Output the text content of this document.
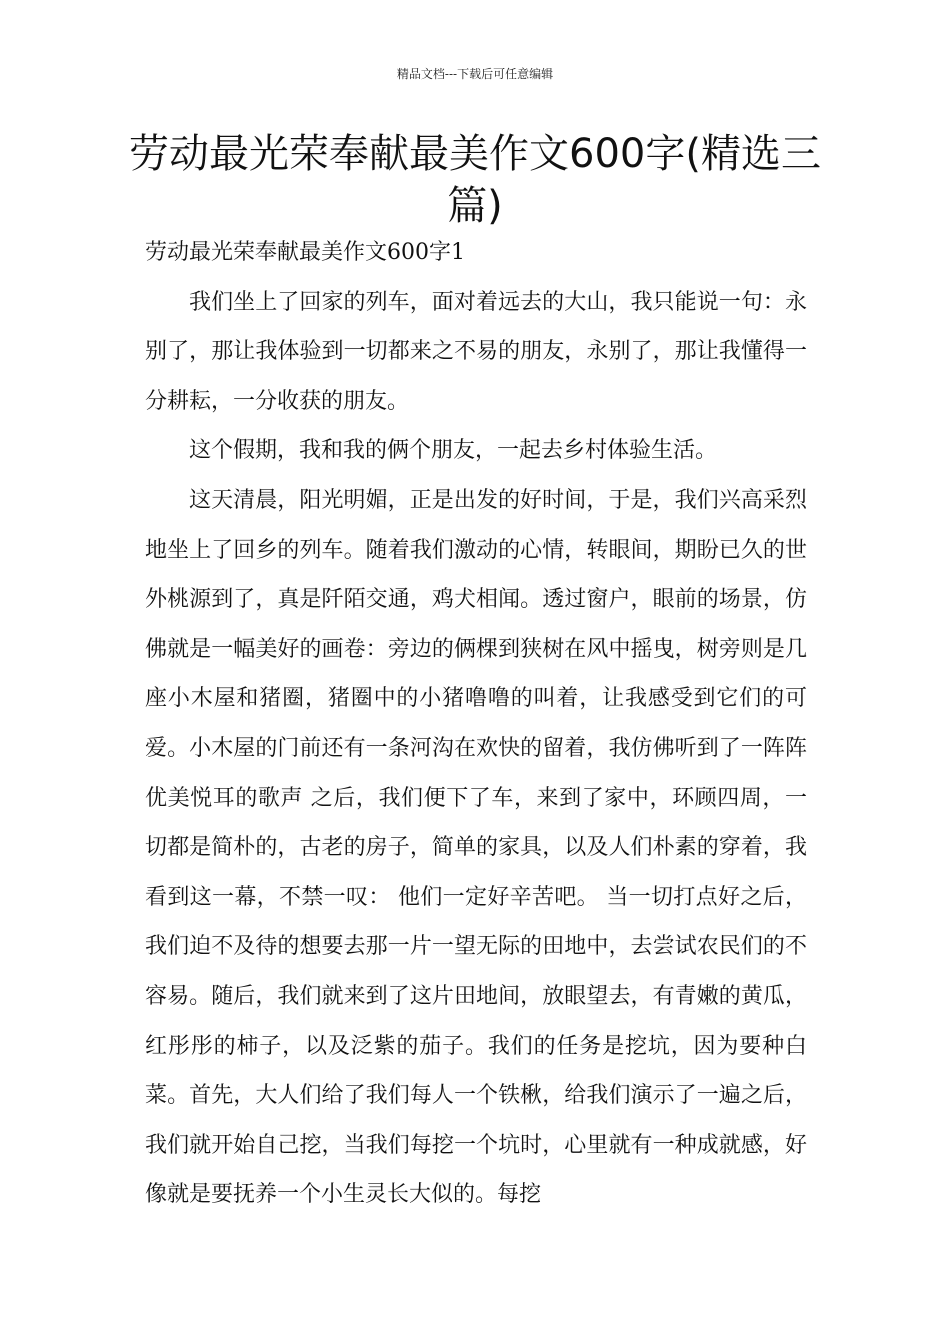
精品文档---下载后可任意编辑
劳动最光荣奉献最美作文600字(精选三篇)

劳动最光荣奉献最美作文600字1

我们坐上了回家的列车，面对着远去的大山，我只能说一句：永别了，那让我体验到一切都来之不易的朋友，永别了，那让我懂得一分耕耘，一分收获的朋友。

这个假期，我和我的俩个朋友，一起去乡村体验生活。

这天清晨，阳光明媚，正是出发的好时间，于是，我们兴高采烈地坐上了回乡的列车。随着我们激动的心情，转眼间，期盼已久的世外桃源到了，真是阡陌交通，鸡犬相闻。透过窗户，眼前的场景，仿佛就是一幅美好的画卷：旁边的俩棵到狭树在风中摇曳，树旁则是几座小木屋和猪圈，猪圈中的小猪噜噜的叫着，让我感受到它们的可爱。小木屋的门前还有一条河沟在欢快的留着，我仿佛听到了一阵阵优美悦耳的歌声 之后，我们便下了车，来到了家中，环顾四周，一切都是简朴的，古老的房子，简单的家具，以及人们朴素的穿着，我看到这一幕，不禁一叹： 他们一定好辛苦吧。 当一切打点好之后，我们迫不及待的想要去那一片一望无际的田地中，去尝试农民们的不容易。随后，我们就来到了这片田地间，放眼望去，有青嫩的黄瓜，红彤彤的柿子，以及泛紫的茄子。我们的任务是挖坑，因为要种白菜。首先，大人们给了我们每人一个铁楸，给我们演示了一遍之后，我们就开始自己挖，当我们每挖一个坑时，心里就有一种成就感，好像就是要抚养一个小生灵长大似的。每挖
